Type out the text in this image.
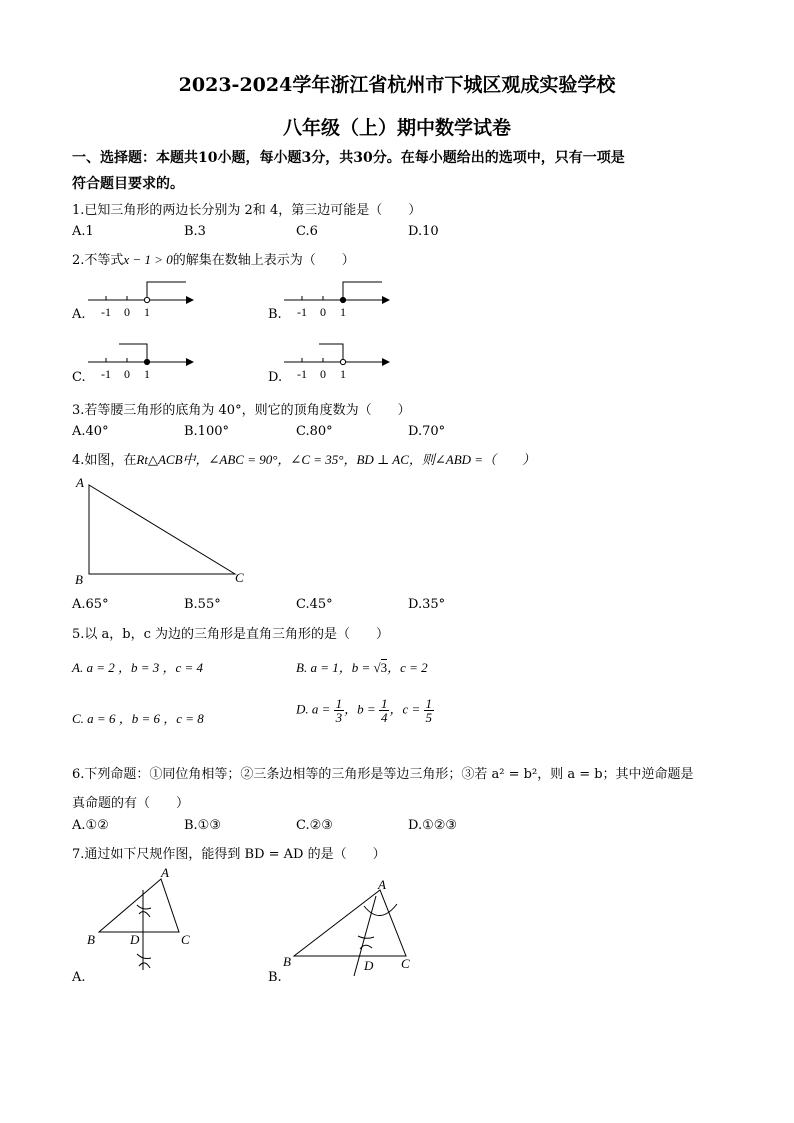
2023-2024学年浙江省杭州市下城区观成实验学校
八年级（上）期中数学试卷
一、选择题：本题共10小题，每小题3分，共30分。在每小题给出的选项中，只有一项是
符合题目要求的。
1.已知三角形的两边长分别为 2和 4，第三边可能是（　　）
A.1	B.3	C.6	D.10
2.不等式x − 1 > 0的解集在数轴上表示为（　　）
A. -1 0 1	B. -1 0 1
C. -1 0 1	D. -1 0 1
3.若等腰三角形的底角为 40°，则它的顶角度数为（　　）
A.40°	B.100°	C.80°	D.70°
4.如图，在Rt△ACB中，∠ABC = 90°，∠C = 35°，BD ⊥ AC，则∠ABD =（　　）
A
B	C
A.65°	B.55°	C.45°	D.35°
5.以 a，b，c 为边的三角形是直角三角形的是（　　）
A. a = 2 ，b = 3 ，c = 4	B. a = 1，b = √3，c = 2
C. a = 6 ，b = 6 ，c = 8
D. $a = \frac{1}{3}$ ，$b = \frac{1}{4}$ ，$c = \frac{1}{5}$
6.下列命题：①同位角相等；②三条边相等的三角形是等边三角形；③若 a² = b²，则 a = b；其中逆命题是
真命题的有（　　）
A.①②	B.①③	C.②③	D.①②③
7.通过如下尺规作图，能得到 BD = AD 的是（　　）
A
B	C
D
A.
A
B	C
D
B.
